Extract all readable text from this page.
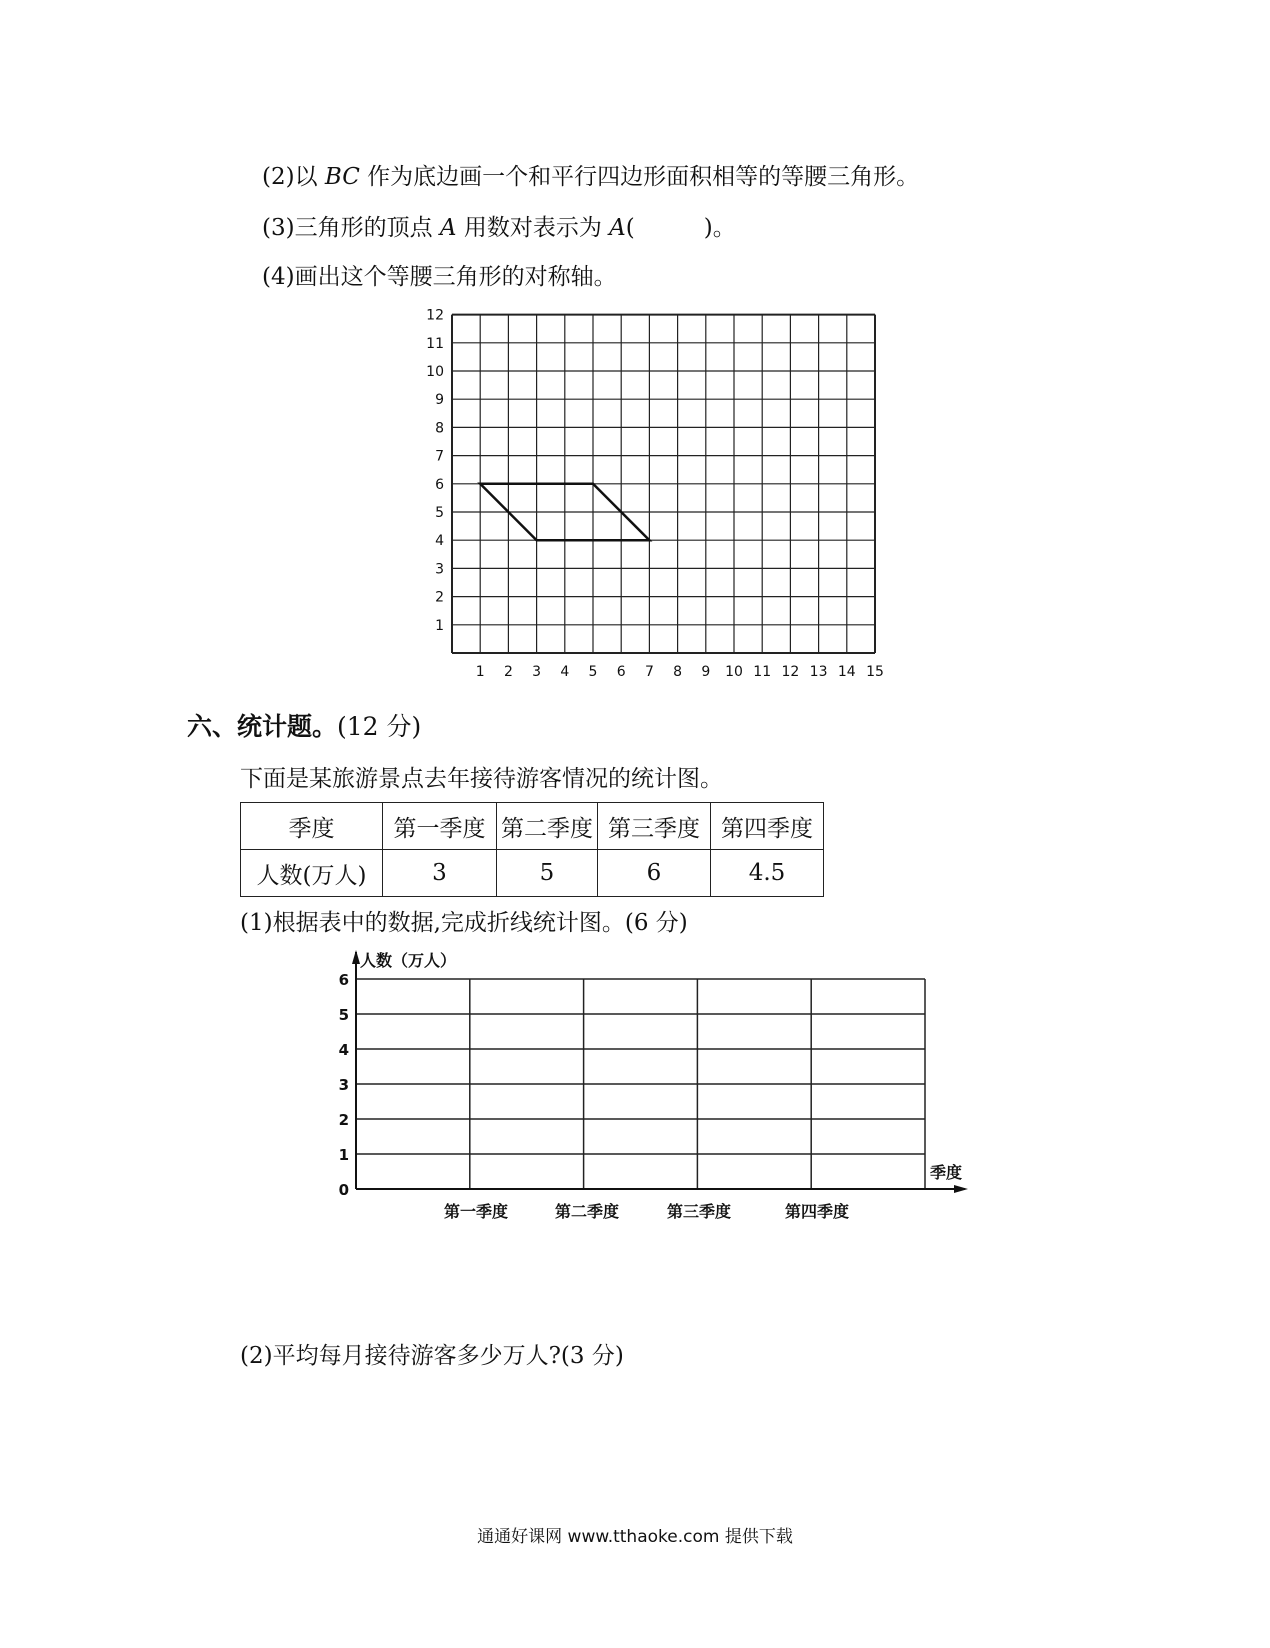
(2)以 BC 作为底边画一个和平行四边形面积相等的等腰三角形。
(3)三角形的顶点 A 用数对表示为 A(　　　)。
(4)画出这个等腰三角形的对称轴。
1 2 3 4 5 6 7 8 9 10 11 12 13 14 15
1
2
3
4
5
6
7
8
9
10
11
12
六、统计题。(12 分)
下面是某旅游景点去年接待游客情况的统计图。
季度	第一季度	第二季度	第三季度	第四季度
人数(万人)	3	5	6	4.5
(1)根据表中的数据,完成折线统计图。(6 分)
0
1
2
3
4
5
6
人数（万人）
季度
第一季度	第二季度	第三季度	第四季度
(2)平均每月接待游客多少万人?(3 分)
通通好课网 www.tthaoke.com 提供下载
